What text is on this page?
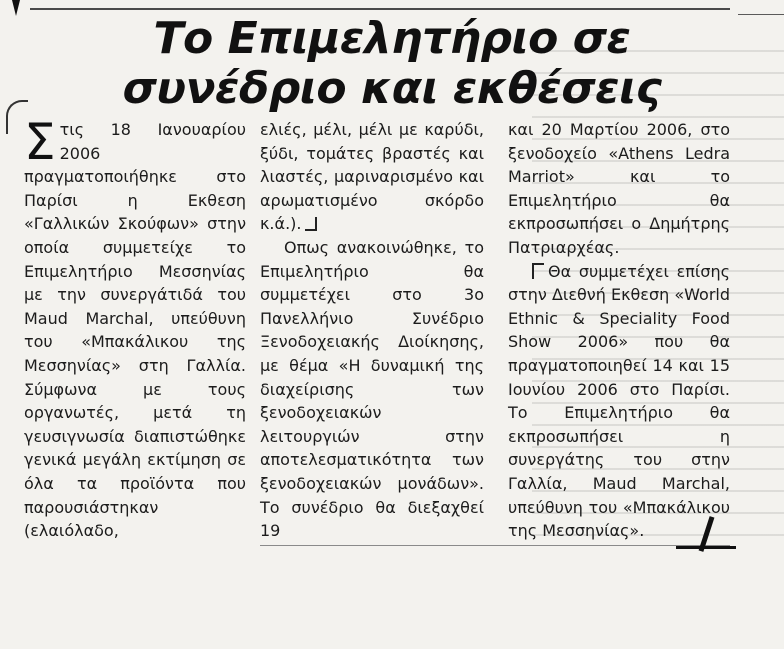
Το Επιμελητήριο σε
συνέδριο και εκθέσεις

Στις 18 Ιανουαρίου 2006 πραγματοποιήθηκε στο Παρίσι η Εκθεση «Γαλλικών Σκούφων» στην οποία συμμετείχε το Επιμελητήριο Μεσσηνίας με την συνεργάτιδά του Maud Marchal, υπεύθυνη του «Μπακάλικου της Μεσσηνίας» στη Γαλλία. Σύμφωνα με τους οργανωτές, μετά τη γευσιγνωσία διαπιστώθηκε γενικά μεγάλη εκτίμηση σε όλα τα προϊόντα που παρουσιάστηκαν (ελαιόλαδο,

ελιές, μέλι, μέλι με καρύδι, ξύδι, τομάτες βραστές και λιαστές, μαριναρισμένο και αρωματισμένο σκόρδο κ.ά.).

Οπως ανακοινώθηκε, το Επιμελητήριο θα συμμετέχει στο 3ο Πανελλήνιο Συνέδριο Ξενοδοχειακής Διοίκησης, με θέμα «Η δυναμική της διαχείρισης των ξενοδοχειακών λειτουργιών στην αποτελεσματικότητα των ξενοδοχειακών μονάδων». Το συνέδριο θα διεξαχθεί 19

και 20 Μαρτίου 2006, στο ξενοδοχείο «Athens Ledra Marriot» και το Επιμελητήριο θα εκπροσωπήσει ο Δημήτρης Πατριαρχέας.

Θα συμμετέχει επίσης στην Διεθνή Εκθεση «World Ethnic & Speciality Food Show 2006» που θα πραγματοποιηθεί 14 και 15 Ιουνίου 2006 στο Παρίσι. Το Επιμελητήριο θα εκπροσωπήσει η συνεργάτης του στην Γαλλία, Maud Marchal, υπεύθυνη του «Μπακάλικου της Μεσσηνίας».
